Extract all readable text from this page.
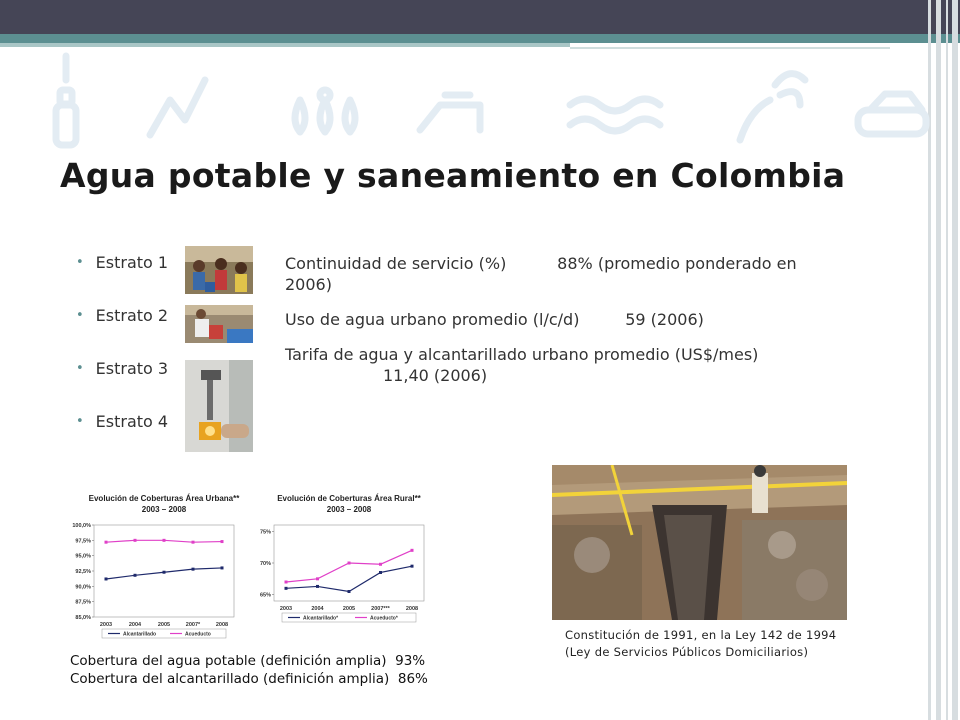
Agua potable y saneamiento en Colombia
• Estrato 1
• Estrato 2
• Estrato 3
• Estrato 4

Continuidad de servicio (%)          88% (promedio ponderado en 2006)

Uso de agua urbano promedio (l/c/d)         59 (2006)

Tarifa de agua y alcantarillado urbano promedio (US$/mes)
11,40 (2006)

Evolución de Coberturas Área Urbana**
2003 – 2008
100,0%
97,5%
95,0%
92,5%
90,0%
87,5%
85,0%
2003	2004	2005	2007*	2008
Alcantarillado	Acueducto
Evolución de Coberturas Área Rural**
2003 – 2008
75%
70%
65%
2003	2004	2005	2007***	2008
Alcantarillado*	Acueducto*
Cobertura del agua potable (definición amplia)  93%
Cobertura del alcantarillado (definición amplia)  86%
Constitución de 1991, en la Ley 142 de 1994
(Ley de Servicios Públicos Domiciliarios)
